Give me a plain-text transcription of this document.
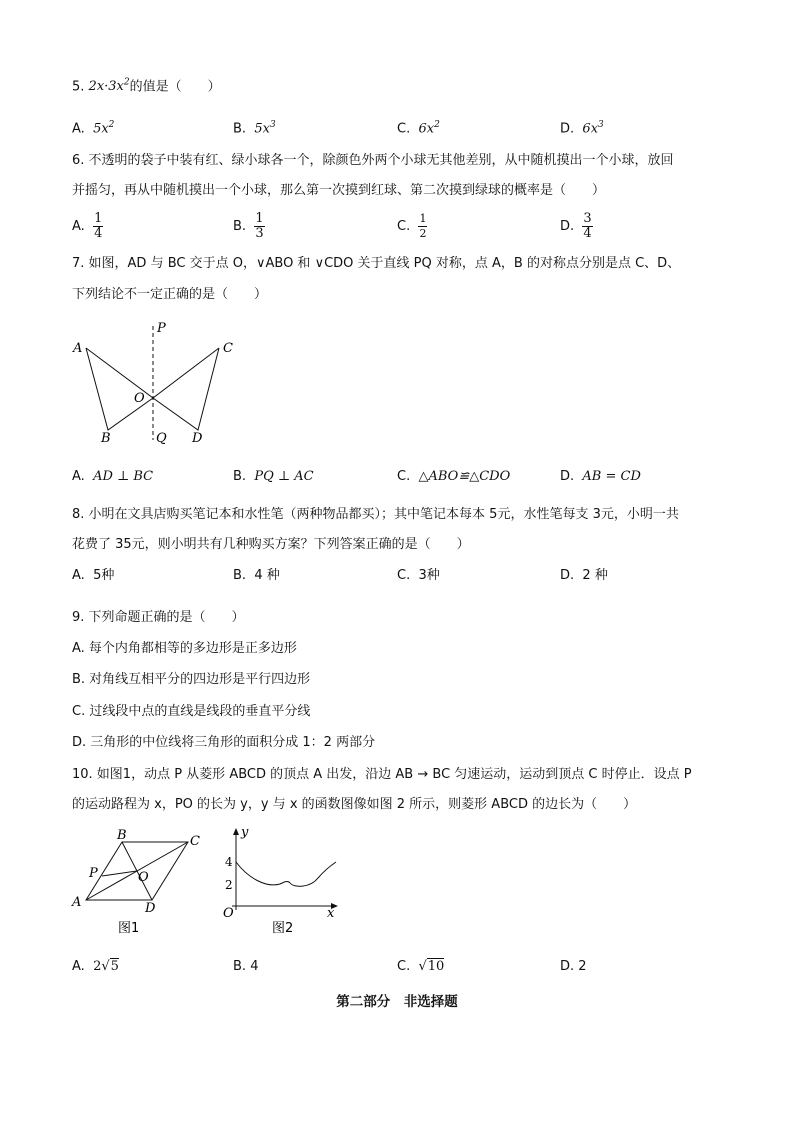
5. $2x\cdot 3x^2$的值是（　　）
A. $5x^2$	B. $5x^3$	C. $6x^2$	D. $6x^3$
6. 不透明的袋子中装有红、绿小球各一个，除颜色外两个小球无其他差别，从中随机摸出一个小球，放回
并摇匀，再从中随机摸出一个小球，那么第一次摸到红球、第二次摸到绿球的概率是（　　）
A. $\frac{1}{4}$	B. $\frac{1}{3}$	C. $\frac{1}{2}$	D. $\frac{3}{4}$
7. 如图，AD 与 BC 交于点 O，∨ABO 和 ∨CDO 关于直线 PQ 对称，点 A，B 的对称点分别是点 C、D、
下列结论不一定正确的是（　　）
P
A	C
O
B	Q D
A. AD ⊥ BC	B. PQ ⊥ AC	C. △ABO≌△CDO	D. AB = CD
8. 小明在文具店购买笔记本和水性笔（两种物品都买）；其中笔记本每本 5元，水性笔每支 3元，小明一共
花费了 35元，则小明共有几种购买方案？下列答案正确的是（　　）
A. 5种	B. 4 种	C. 3种	D. 2 种
9. 下列命题正确的是（　　）
A. 每个内角都相等的多边形是正多边形
B. 对角线互相平分的四边形是平行四边形
C. 过线段中点的直线是线段的垂直平分线
D. 三角形的中位线将三角形的面积分成 1：2 两部分
10. 如图1，动点 P 从菱形 ABCD 的顶点 A 出发，沿边 AB → BC 匀速运动，运动到顶点 C 时停止．设点 P
的运动路程为 x，PO 的长为 y，y 与 x 的函数图像如图 2 所示，则菱形 ABCD 的边长为（　　）
B	C
P	O
A	D
图1
y
4
2
O	x
图2
A. 2√5	B. 4	C. √10	D. 2
第二部分　非选择题
